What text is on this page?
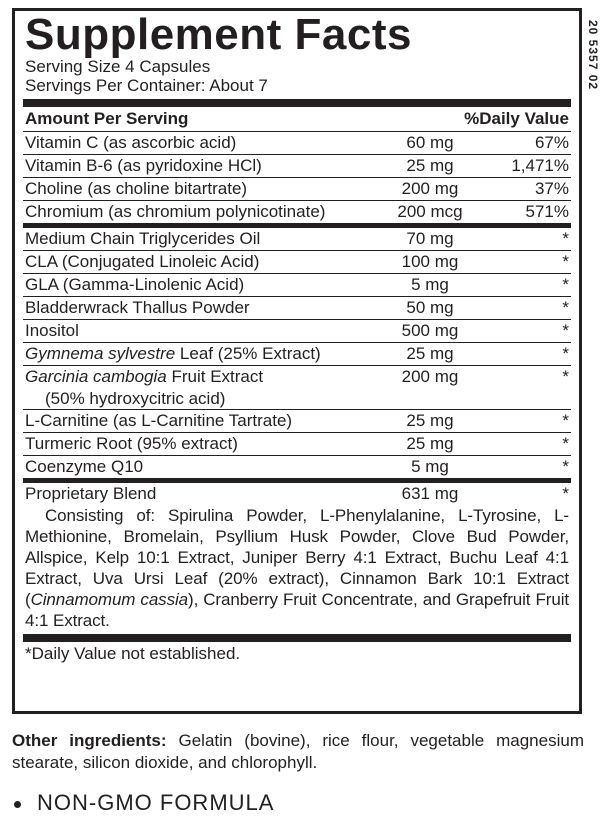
Supplement Facts

Serving Size 4 Capsules

Servings Per Container: About 7

Amount Per Serving	%Daily Value
Vitamin C (as ascorbic acid)	60 mg	67%
Vitamin B-6 (as pyridoxine HCl)	25 mg	1,471%
Choline (as choline bitartrate)	200 mg	37%
Chromium (as chromium polynicotinate)	200 mcg	571%
Medium Chain Triglycerides Oil	70 mg	*
CLA (Conjugated Linoleic Acid)	100 mg	*
GLA (Gamma-Linolenic Acid)	5 mg	*
Bladderwrack Thallus Powder	50 mg	*
Inositol	500 mg	*
Gymnema sylvestre Leaf (25% Extract)	25 mg	*
Garcinia cambogia Fruit Extract	200 mg	*
(50% hydroxycitric acid)
L-Carnitine (as L-Carnitine Tartrate)	25 mg	*
Turmeric Root (95% extract)	25 mg	*
Coenzyme Q10	5 mg	*
Proprietary Blend	631 mg	*
Consisting of: Spirulina Powder, L-Phenylalanine, L-Tyrosine, L-Methionine, Bromelain, Psyllium Husk Powder, Clove Bud Powder, Allspice, Kelp 10:1 Extract, Juniper Berry 4:1 Extract, Buchu Leaf 4:1 Extract, Uva Ursi Leaf (20% extract), Cinnamon Bark 10:1 Extract (Cinnamomum cassia), Cranberry Fruit Concentrate, and Grapefruit Fruit 4:1 Extract.
*Daily Value not established.
20 5357 02
Other ingredients: Gelatin (bovine), rice flour, vegetable magnesium stearate, silicon dioxide, and chlorophyll.
NON-GMO FORMULA
